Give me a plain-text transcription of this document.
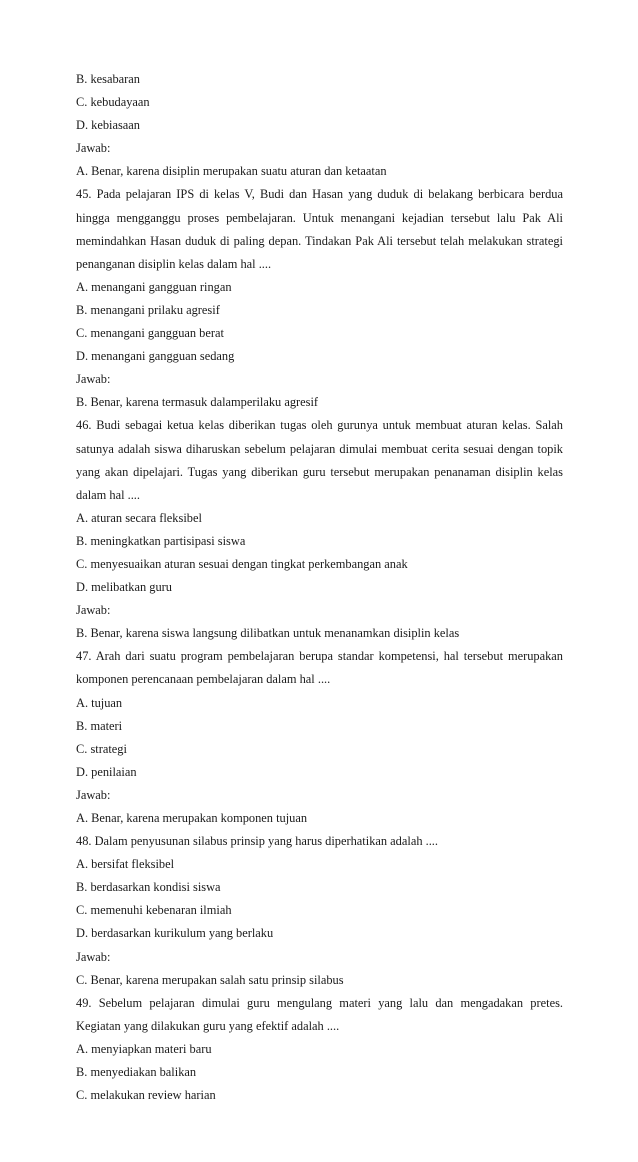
B. kesabaran
C. kebudayaan
D. kebiasaan
Jawab:
A. Benar, karena disiplin merupakan suatu aturan dan ketaatan
45. Pada pelajaran IPS di kelas V, Budi dan Hasan yang duduk di belakang berbicara berdua
hingga mengganggu proses pembelajaran. Untuk menangani kejadian tersebut lalu Pak Ali
memindahkan Hasan duduk di paling depan. Tindakan Pak Ali tersebut telah melakukan strategi
penanganan disiplin kelas dalam hal ....
A. menangani gangguan ringan
B. menangani prilaku agresif
C. menangani gangguan berat
D. menangani gangguan sedang
Jawab:
B. Benar, karena termasuk dalamperilaku agresif
46. Budi sebagai ketua kelas diberikan tugas oleh gurunya untuk membuat aturan kelas. Salah
satunya adalah siswa diharuskan sebelum pelajaran dimulai membuat cerita sesuai dengan topik
yang akan dipelajari. Tugas yang diberikan guru tersebut merupakan penanaman disiplin kelas
dalam hal ....
A. aturan secara fleksibel
B. meningkatkan partisipasi siswa
C. menyesuaikan aturan sesuai dengan tingkat perkembangan anak
D. melibatkan guru
Jawab:
B. Benar, karena siswa langsung dilibatkan untuk menanamkan disiplin kelas
47. Arah dari suatu program pembelajaran berupa standar kompetensi, hal tersebut merupakan
komponen perencanaan pembelajaran dalam hal ....
A. tujuan
B. materi
C. strategi
D. penilaian
Jawab:
A. Benar, karena merupakan komponen tujuan
48. Dalam penyusunan silabus prinsip yang harus diperhatikan adalah ....
A. bersifat fleksibel
B. berdasarkan kondisi siswa
C. memenuhi kebenaran ilmiah
D. berdasarkan kurikulum yang berlaku
Jawab:
C. Benar, karena merupakan salah satu prinsip silabus
49. Sebelum pelajaran dimulai guru mengulang materi yang lalu dan mengadakan pretes.
Kegiatan yang dilakukan guru yang efektif adalah ....
A. menyiapkan materi baru
B. menyediakan balikan
C. melakukan review harian
